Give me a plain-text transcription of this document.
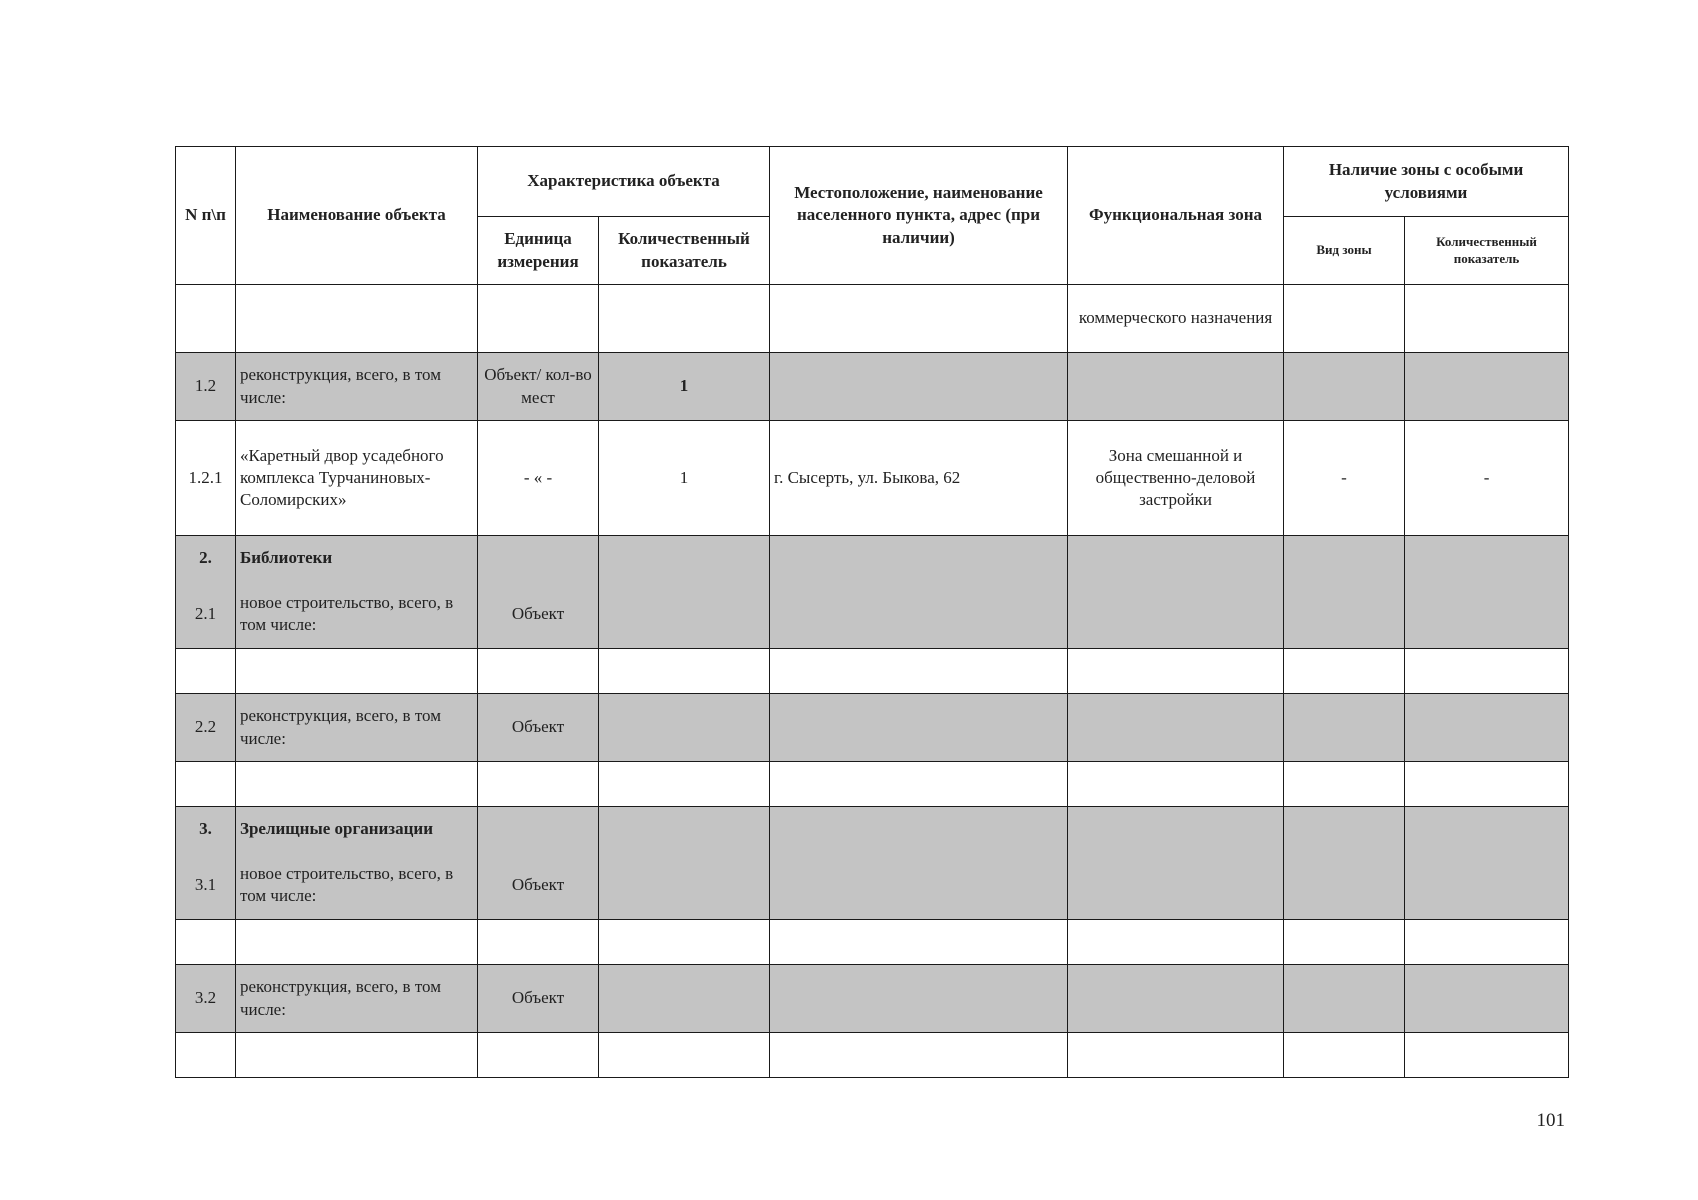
N п\п	Наименование объекта	Характеристика объекта		Местоположение, наименование населенного пункта, адрес (при наличии)	Функциональная зона	Наличие зоны с особыми условиями	
		Единица измерения	Количественный показатель			Вид зоны	Количественный показатель
					коммерческого назначения		
1.2	реконструкция, всего, в том числе:	Объект/ кол-во мест	1				
1.2.1	«Каретный двор усадебного комплекса Турчаниновых-Соломирских»	- « -	1	г. Сысерть, ул. Быкова, 62	Зона смешанной и общественно-деловой застройки	-	-
2.	Библиотеки						
2.1	новое строительство, всего, в том числе:	Объект					

2.2	реконструкция, всего, в том числе:	Объект					

3.	Зрелищные организации						
3.1	новое строительство, всего, в том числе:	Объект					

3.2	реконструкция, всего, в том числе:	Объект					

101
